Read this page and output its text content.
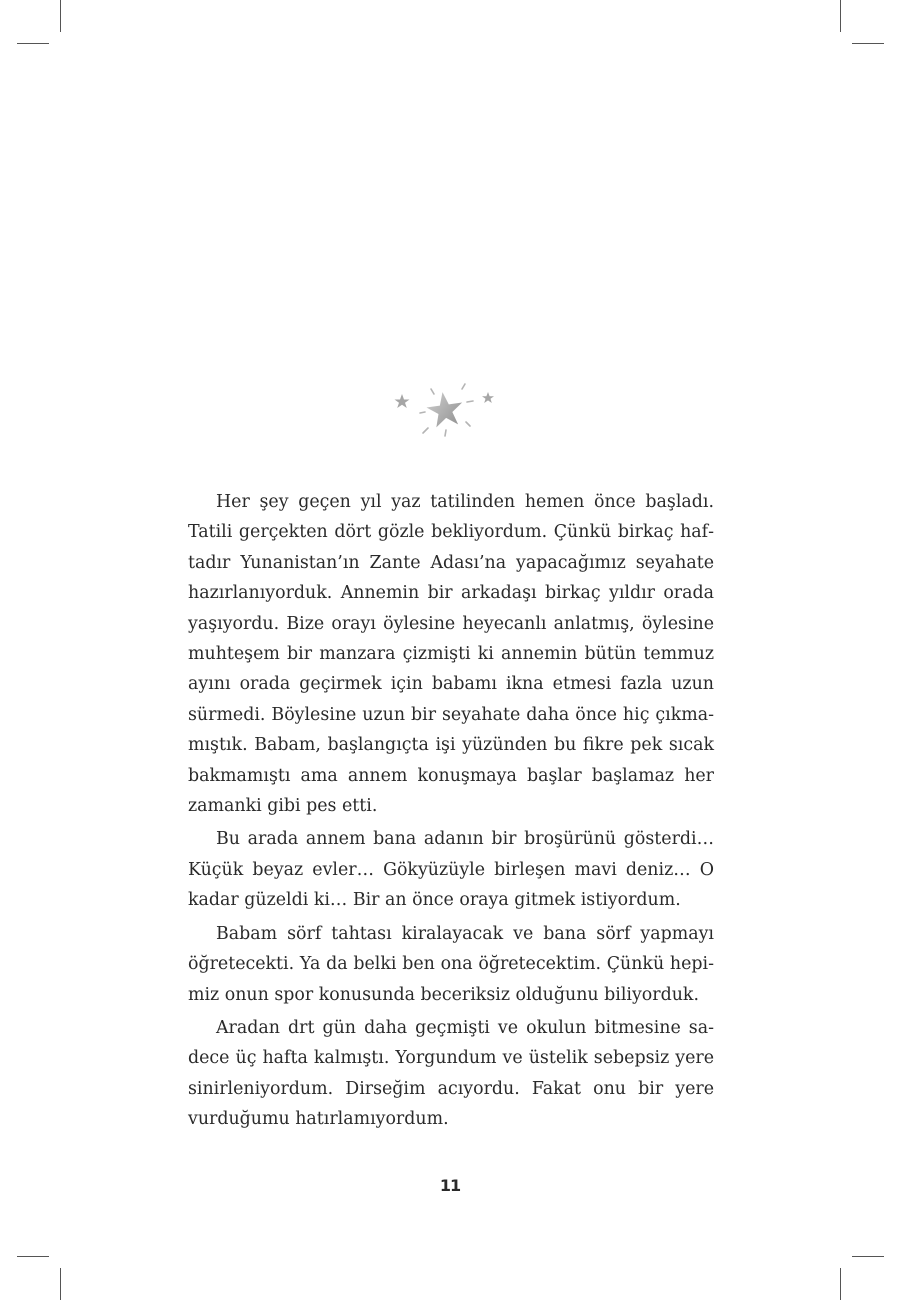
Her şey geçen yıl yaz tatilinden hemen önce başladı. Tatili gerçekten dört gözle bekliyordum. Çünkü birkaç haftadır Yunanistan’ın Zante Adası’na yapacağımız seyahate hazırlanıyorduk. Annemin bir arkadaşı birkaç yıldır orada yaşıyordu. Bize orayı öylesine heyecanlı anlatmış, öylesine muhteşem bir manzara çizmişti ki annemin bütün temmuz ayını orada geçirmek için babamı ikna etmesi fazla uzun sürmedi. Böylesine uzun bir seyahate daha önce hiç çıkmamıştık. Babam, başlangıçta işi yüzünden bu fikre pek sıcak bakmamıştı ama annem konuşmaya başlar başlamaz her zamanki gibi pes etti.

Bu arada annem bana adanın bir broşürünü gösterdi… Küçük beyaz evler… Gökyüzüyle birleşen mavi deniz… O kadar güzeldi ki… Bir an önce oraya gitmek istiyordum.

Babam sörf tahtası kiralayacak ve bana sörf yapmayı öğretecekti. Ya da belki ben ona öğretecektim. Çünkü hepimiz onun spor konusunda beceriksiz olduğunu biliyorduk.

Aradan drt gün daha geçmişti ve okulun bitmesine sadece üç hafta kalmıştı. Yorgundum ve üstelik sebepsiz yere sinirleniyordum. Dirseğim acıyordu. Fakat onu bir yere vurduğumu hatırlamıyordum.

11
